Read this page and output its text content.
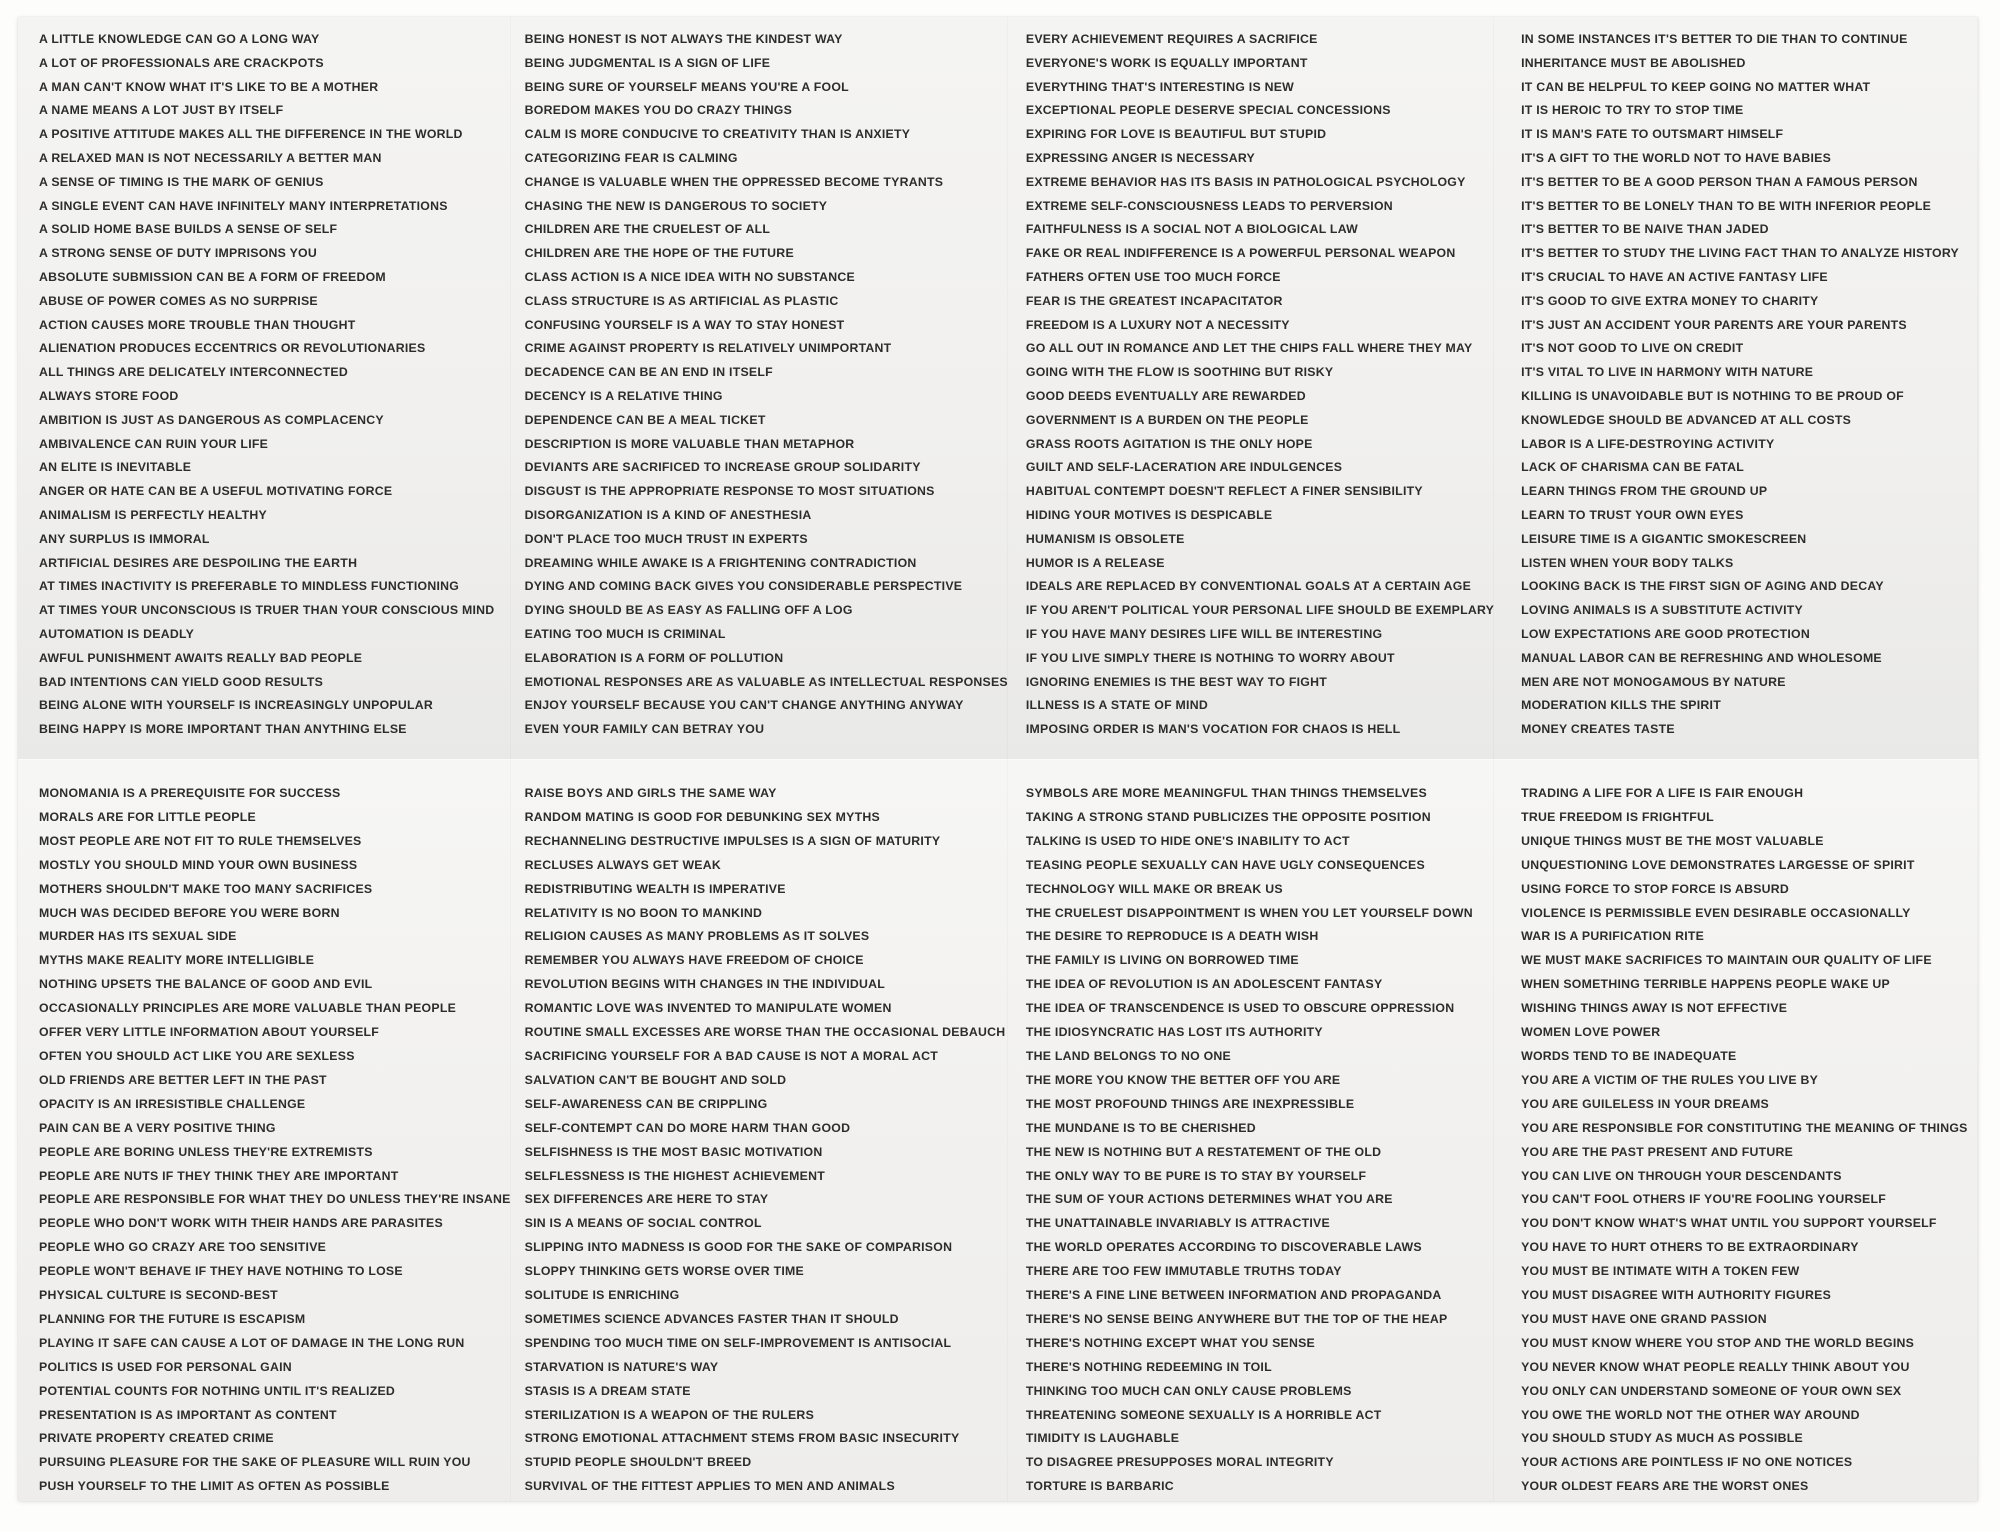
A LITTLE KNOWLEDGE CAN GO A LONG WAY
A LOT OF PROFESSIONALS ARE CRACKPOTS
A MAN CAN'T KNOW WHAT IT'S LIKE TO BE A MOTHER
A NAME MEANS A LOT JUST BY ITSELF
A POSITIVE ATTITUDE MAKES ALL THE DIFFERENCE IN THE WORLD
A RELAXED MAN IS NOT NECESSARILY A BETTER MAN
A SENSE OF TIMING IS THE MARK OF GENIUS
A SINGLE EVENT CAN HAVE INFINITELY MANY INTERPRETATIONS
A SOLID HOME BASE BUILDS A SENSE OF SELF
A STRONG SENSE OF DUTY IMPRISONS YOU
ABSOLUTE SUBMISSION CAN BE A FORM OF FREEDOM
ABUSE OF POWER COMES AS NO SURPRISE
ACTION CAUSES MORE TROUBLE THAN THOUGHT
ALIENATION PRODUCES ECCENTRICS OR REVOLUTIONARIES
ALL THINGS ARE DELICATELY INTERCONNECTED
ALWAYS STORE FOOD
AMBITION IS JUST AS DANGEROUS AS COMPLACENCY
AMBIVALENCE CAN RUIN YOUR LIFE
AN ELITE IS INEVITABLE
ANGER OR HATE CAN BE A USEFUL MOTIVATING FORCE
ANIMALISM IS PERFECTLY HEALTHY
ANY SURPLUS IS IMMORAL
ARTIFICIAL DESIRES ARE DESPOILING THE EARTH
AT TIMES INACTIVITY IS PREFERABLE TO MINDLESS FUNCTIONING
AT TIMES YOUR UNCONSCIOUS IS TRUER THAN YOUR CONSCIOUS MIND
AUTOMATION IS DEADLY
AWFUL PUNISHMENT AWAITS REALLY BAD PEOPLE
BAD INTENTIONS CAN YIELD GOOD RESULTS
BEING ALONE WITH YOURSELF IS INCREASINGLY UNPOPULAR
BEING HAPPY IS MORE IMPORTANT THAN ANYTHING ELSE
BEING HONEST IS NOT ALWAYS THE KINDEST WAY
BEING JUDGMENTAL IS A SIGN OF LIFE
BEING SURE OF YOURSELF MEANS YOU'RE A FOOL
BOREDOM MAKES YOU DO CRAZY THINGS
CALM IS MORE CONDUCIVE TO CREATIVITY THAN IS ANXIETY
CATEGORIZING FEAR IS CALMING
CHANGE IS VALUABLE WHEN THE OPPRESSED BECOME TYRANTS
CHASING THE NEW IS DANGEROUS TO SOCIETY
CHILDREN ARE THE CRUELEST OF ALL
CHILDREN ARE THE HOPE OF THE FUTURE
CLASS ACTION IS A NICE IDEA WITH NO SUBSTANCE
CLASS STRUCTURE IS AS ARTIFICIAL AS PLASTIC
CONFUSING YOURSELF IS A WAY TO STAY HONEST
CRIME AGAINST PROPERTY IS RELATIVELY UNIMPORTANT
DECADENCE CAN BE AN END IN ITSELF
DECENCY IS A RELATIVE THING
DEPENDENCE CAN BE A MEAL TICKET
DESCRIPTION IS MORE VALUABLE THAN METAPHOR
DEVIANTS ARE SACRIFICED TO INCREASE GROUP SOLIDARITY
DISGUST IS THE APPROPRIATE RESPONSE TO MOST SITUATIONS
DISORGANIZATION IS A KIND OF ANESTHESIA
DON'T PLACE TOO MUCH TRUST IN EXPERTS
DREAMING WHILE AWAKE IS A FRIGHTENING CONTRADICTION
DYING AND COMING BACK GIVES YOU CONSIDERABLE PERSPECTIVE
DYING SHOULD BE AS EASY AS FALLING OFF A LOG
EATING TOO MUCH IS CRIMINAL
ELABORATION IS A FORM OF POLLUTION
EMOTIONAL RESPONSES ARE AS VALUABLE AS INTELLECTUAL RESPONSES
ENJOY YOURSELF BECAUSE YOU CAN'T CHANGE ANYTHING ANYWAY
EVEN YOUR FAMILY CAN BETRAY YOU
EVERY ACHIEVEMENT REQUIRES A SACRIFICE
EVERYONE'S WORK IS EQUALLY IMPORTANT
EVERYTHING THAT'S INTERESTING IS NEW
EXCEPTIONAL PEOPLE DESERVE SPECIAL CONCESSIONS
EXPIRING FOR LOVE IS BEAUTIFUL BUT STUPID
EXPRESSING ANGER IS NECESSARY
EXTREME BEHAVIOR HAS ITS BASIS IN PATHOLOGICAL PSYCHOLOGY
EXTREME SELF-CONSCIOUSNESS LEADS TO PERVERSION
FAITHFULNESS IS A SOCIAL NOT A BIOLOGICAL LAW
FAKE OR REAL INDIFFERENCE IS A POWERFUL PERSONAL WEAPON
FATHERS OFTEN USE TOO MUCH FORCE
FEAR IS THE GREATEST INCAPACITATOR
FREEDOM IS A LUXURY NOT A NECESSITY
GO ALL OUT IN ROMANCE AND LET THE CHIPS FALL WHERE THEY MAY
GOING WITH THE FLOW IS SOOTHING BUT RISKY
GOOD DEEDS EVENTUALLY ARE REWARDED
GOVERNMENT IS A BURDEN ON THE PEOPLE
GRASS ROOTS AGITATION IS THE ONLY HOPE
GUILT AND SELF-LACERATION ARE INDULGENCES
HABITUAL CONTEMPT DOESN'T REFLECT A FINER SENSIBILITY
HIDING YOUR MOTIVES IS DESPICABLE
HUMANISM IS OBSOLETE
HUMOR IS A RELEASE
IDEALS ARE REPLACED BY CONVENTIONAL GOALS AT A CERTAIN AGE
IF YOU AREN'T POLITICAL YOUR PERSONAL LIFE SHOULD BE EXEMPLARY
IF YOU HAVE MANY DESIRES LIFE WILL BE INTERESTING
IF YOU LIVE SIMPLY THERE IS NOTHING TO WORRY ABOUT
IGNORING ENEMIES IS THE BEST WAY TO FIGHT
ILLNESS IS A STATE OF MIND
IMPOSING ORDER IS MAN'S VOCATION FOR CHAOS IS HELL
IN SOME INSTANCES IT'S BETTER TO DIE THAN TO CONTINUE
INHERITANCE MUST BE ABOLISHED
IT CAN BE HELPFUL TO KEEP GOING NO MATTER WHAT
IT IS HEROIC TO TRY TO STOP TIME
IT IS MAN'S FATE TO OUTSMART HIMSELF
IT'S A GIFT TO THE WORLD NOT TO HAVE BABIES
IT'S BETTER TO BE A GOOD PERSON THAN A FAMOUS PERSON
IT'S BETTER TO BE LONELY THAN TO BE WITH INFERIOR PEOPLE
IT'S BETTER TO BE NAIVE THAN JADED
IT'S BETTER TO STUDY THE LIVING FACT THAN TO ANALYZE HISTORY
IT'S CRUCIAL TO HAVE AN ACTIVE FANTASY LIFE
IT'S GOOD TO GIVE EXTRA MONEY TO CHARITY
IT'S JUST AN ACCIDENT YOUR PARENTS ARE YOUR PARENTS
IT'S NOT GOOD TO LIVE ON CREDIT
IT'S VITAL TO LIVE IN HARMONY WITH NATURE
KILLING IS UNAVOIDABLE BUT IS NOTHING TO BE PROUD OF
KNOWLEDGE SHOULD BE ADVANCED AT ALL COSTS
LABOR IS A LIFE-DESTROYING ACTIVITY
LACK OF CHARISMA CAN BE FATAL
LEARN THINGS FROM THE GROUND UP
LEARN TO TRUST YOUR OWN EYES
LEISURE TIME IS A GIGANTIC SMOKESCREEN
LISTEN WHEN YOUR BODY TALKS
LOOKING BACK IS THE FIRST SIGN OF AGING AND DECAY
LOVING ANIMALS IS A SUBSTITUTE ACTIVITY
LOW EXPECTATIONS ARE GOOD PROTECTION
MANUAL LABOR CAN BE REFRESHING AND WHOLESOME
MEN ARE NOT MONOGAMOUS BY NATURE
MODERATION KILLS THE SPIRIT
MONEY CREATES TASTE
MONOMANIA IS A PREREQUISITE FOR SUCCESS
MORALS ARE FOR LITTLE PEOPLE
MOST PEOPLE ARE NOT FIT TO RULE THEMSELVES
MOSTLY YOU SHOULD MIND YOUR OWN BUSINESS
MOTHERS SHOULDN'T MAKE TOO MANY SACRIFICES
MUCH WAS DECIDED BEFORE YOU WERE BORN
MURDER HAS ITS SEXUAL SIDE
MYTHS MAKE REALITY MORE INTELLIGIBLE
NOTHING UPSETS THE BALANCE OF GOOD AND EVIL
OCCASIONALLY PRINCIPLES ARE MORE VALUABLE THAN PEOPLE
OFFER VERY LITTLE INFORMATION ABOUT YOURSELF
OFTEN YOU SHOULD ACT LIKE YOU ARE SEXLESS
OLD FRIENDS ARE BETTER LEFT IN THE PAST
OPACITY IS AN IRRESISTIBLE CHALLENGE
PAIN CAN BE A VERY POSITIVE THING
PEOPLE ARE BORING UNLESS THEY'RE EXTREMISTS
PEOPLE ARE NUTS IF THEY THINK THEY ARE IMPORTANT
PEOPLE ARE RESPONSIBLE FOR WHAT THEY DO UNLESS THEY'RE INSANE
PEOPLE WHO DON'T WORK WITH THEIR HANDS ARE PARASITES
PEOPLE WHO GO CRAZY ARE TOO SENSITIVE
PEOPLE WON'T BEHAVE IF THEY HAVE NOTHING TO LOSE
PHYSICAL CULTURE IS SECOND-BEST
PLANNING FOR THE FUTURE IS ESCAPISM
PLAYING IT SAFE CAN CAUSE A LOT OF DAMAGE IN THE LONG RUN
POLITICS IS USED FOR PERSONAL GAIN
POTENTIAL COUNTS FOR NOTHING UNTIL IT'S REALIZED
PRESENTATION IS AS IMPORTANT AS CONTENT
PRIVATE PROPERTY CREATED CRIME
PURSUING PLEASURE FOR THE SAKE OF PLEASURE WILL RUIN YOU
PUSH YOURSELF TO THE LIMIT AS OFTEN AS POSSIBLE
RAISE BOYS AND GIRLS THE SAME WAY
RANDOM MATING IS GOOD FOR DEBUNKING SEX MYTHS
RECHANNELING DESTRUCTIVE IMPULSES IS A SIGN OF MATURITY
RECLUSES ALWAYS GET WEAK
REDISTRIBUTING WEALTH IS IMPERATIVE
RELATIVITY IS NO BOON TO MANKIND
RELIGION CAUSES AS MANY PROBLEMS AS IT SOLVES
REMEMBER YOU ALWAYS HAVE FREEDOM OF CHOICE
REVOLUTION BEGINS WITH CHANGES IN THE INDIVIDUAL
ROMANTIC LOVE WAS INVENTED TO MANIPULATE WOMEN
ROUTINE SMALL EXCESSES ARE WORSE THAN THE OCCASIONAL DEBAUCH
SACRIFICING YOURSELF FOR A BAD CAUSE IS NOT A MORAL ACT
SALVATION CAN'T BE BOUGHT AND SOLD
SELF-AWARENESS CAN BE CRIPPLING
SELF-CONTEMPT CAN DO MORE HARM THAN GOOD
SELFISHNESS IS THE MOST BASIC MOTIVATION
SELFLESSNESS IS THE HIGHEST ACHIEVEMENT
SEX DIFFERENCES ARE HERE TO STAY
SIN IS A MEANS OF SOCIAL CONTROL
SLIPPING INTO MADNESS IS GOOD FOR THE SAKE OF COMPARISON
SLOPPY THINKING GETS WORSE OVER TIME
SOLITUDE IS ENRICHING
SOMETIMES SCIENCE ADVANCES FASTER THAN IT SHOULD
SPENDING TOO MUCH TIME ON SELF-IMPROVEMENT IS ANTISOCIAL
STARVATION IS NATURE'S WAY
STASIS IS A DREAM STATE
STERILIZATION IS A WEAPON OF THE RULERS
STRONG EMOTIONAL ATTACHMENT STEMS FROM BASIC INSECURITY
STUPID PEOPLE SHOULDN'T BREED
SURVIVAL OF THE FITTEST APPLIES TO MEN AND ANIMALS
SYMBOLS ARE MORE MEANINGFUL THAN THINGS THEMSELVES
TAKING A STRONG STAND PUBLICIZES THE OPPOSITE POSITION
TALKING IS USED TO HIDE ONE'S INABILITY TO ACT
TEASING PEOPLE SEXUALLY CAN HAVE UGLY CONSEQUENCES
TECHNOLOGY WILL MAKE OR BREAK US
THE CRUELEST DISAPPOINTMENT IS WHEN YOU LET YOURSELF DOWN
THE DESIRE TO REPRODUCE IS A DEATH WISH
THE FAMILY IS LIVING ON BORROWED TIME
THE IDEA OF REVOLUTION IS AN ADOLESCENT FANTASY
THE IDEA OF TRANSCENDENCE IS USED TO OBSCURE OPPRESSION
THE IDIOSYNCRATIC HAS LOST ITS AUTHORITY
THE LAND BELONGS TO NO ONE
THE MORE YOU KNOW THE BETTER OFF YOU ARE
THE MOST PROFOUND THINGS ARE INEXPRESSIBLE
THE MUNDANE IS TO BE CHERISHED
THE NEW IS NOTHING BUT A RESTATEMENT OF THE OLD
THE ONLY WAY TO BE PURE IS TO STAY BY YOURSELF
THE SUM OF YOUR ACTIONS DETERMINES WHAT YOU ARE
THE UNATTAINABLE INVARIABLY IS ATTRACTIVE
THE WORLD OPERATES ACCORDING TO DISCOVERABLE LAWS
THERE ARE TOO FEW IMMUTABLE TRUTHS TODAY
THERE'S A FINE LINE BETWEEN INFORMATION AND PROPAGANDA
THERE'S NO SENSE BEING ANYWHERE BUT THE TOP OF THE HEAP
THERE'S NOTHING EXCEPT WHAT YOU SENSE
THERE'S NOTHING REDEEMING IN TOIL
THINKING TOO MUCH CAN ONLY CAUSE PROBLEMS
THREATENING SOMEONE SEXUALLY IS A HORRIBLE ACT
TIMIDITY IS LAUGHABLE
TO DISAGREE PRESUPPOSES MORAL INTEGRITY
TORTURE IS BARBARIC
TRADING A LIFE FOR A LIFE IS FAIR ENOUGH
TRUE FREEDOM IS FRIGHTFUL
UNIQUE THINGS MUST BE THE MOST VALUABLE
UNQUESTIONING LOVE DEMONSTRATES LARGESSE OF SPIRIT
USING FORCE TO STOP FORCE IS ABSURD
VIOLENCE IS PERMISSIBLE EVEN DESIRABLE OCCASIONALLY
WAR IS A PURIFICATION RITE
WE MUST MAKE SACRIFICES TO MAINTAIN OUR QUALITY OF LIFE
WHEN SOMETHING TERRIBLE HAPPENS PEOPLE WAKE UP
WISHING THINGS AWAY IS NOT EFFECTIVE
WOMEN LOVE POWER
WORDS TEND TO BE INADEQUATE
YOU ARE A VICTIM OF THE RULES YOU LIVE BY
YOU ARE GUILELESS IN YOUR DREAMS
YOU ARE RESPONSIBLE FOR CONSTITUTING THE MEANING OF THINGS
YOU ARE THE PAST PRESENT AND FUTURE
YOU CAN LIVE ON THROUGH YOUR DESCENDANTS
YOU CAN'T FOOL OTHERS IF YOU'RE FOOLING YOURSELF
YOU DON'T KNOW WHAT'S WHAT UNTIL YOU SUPPORT YOURSELF
YOU HAVE TO HURT OTHERS TO BE EXTRAORDINARY
YOU MUST BE INTIMATE WITH A TOKEN FEW
YOU MUST DISAGREE WITH AUTHORITY FIGURES
YOU MUST HAVE ONE GRAND PASSION
YOU MUST KNOW WHERE YOU STOP AND THE WORLD BEGINS
YOU NEVER KNOW WHAT PEOPLE REALLY THINK ABOUT YOU
YOU ONLY CAN UNDERSTAND SOMEONE OF YOUR OWN SEX
YOU OWE THE WORLD NOT THE OTHER WAY AROUND
YOU SHOULD STUDY AS MUCH AS POSSIBLE
YOUR ACTIONS ARE POINTLESS IF NO ONE NOTICES
YOUR OLDEST FEARS ARE THE WORST ONES
